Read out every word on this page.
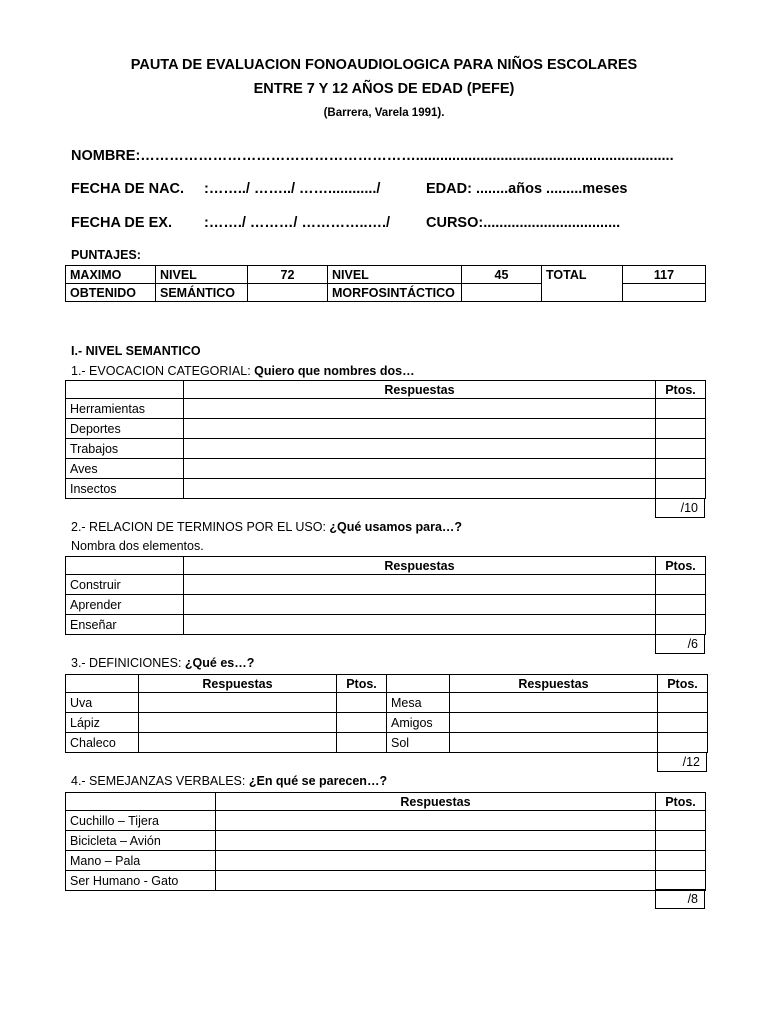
PAUTA DE EVALUACION FONOAUDIOLOGICA PARA NIÑOS ESCOLARES
ENTRE 7 Y 12 AÑOS DE EDAD (PEFE)
(Barrera, Varela 1991).
NOMBRE:…………………………………………………................................................................
FECHA DE NAC. :……../ ……../ ……............/	EDAD: ........años .........meses
FECHA DE EX. :……./ ………/ …………..…./ CURSO:..................................
PUNTAJES:
MAXIMO	NIVEL	72	NIVEL	45	TOTAL	117
OBTENIDO	SEMÁNTICO		MORFOSINTÁCTICO			
I.- NIVEL SEMANTICO
1.- EVOCACION CATEGORIAL: Quiero que nombres dos…
	Respuestas	Ptos.
Herramientas		
Deportes		
Trabajos		
Aves		
Insectos		
/10
2.- RELACION DE TERMINOS POR EL USO: ¿Qué usamos para…?
Nombra dos elementos.
	Respuestas	Ptos.
Construir		
Aprender		
Enseñar		
/6
3.- DEFINICIONES: ¿Qué es…?
	Respuestas	Ptos.		Respuestas	Ptos.
Uva			Mesa		
Lápiz			Amigos		
Chaleco			Sol		
/12
4.- SEMEJANZAS VERBALES: ¿En qué se parecen…?
	Respuestas	Ptos.
Cuchillo – Tijera		
Bicicleta – Avión		
Mano – Pala		
Ser Humano - Gato		
/8
